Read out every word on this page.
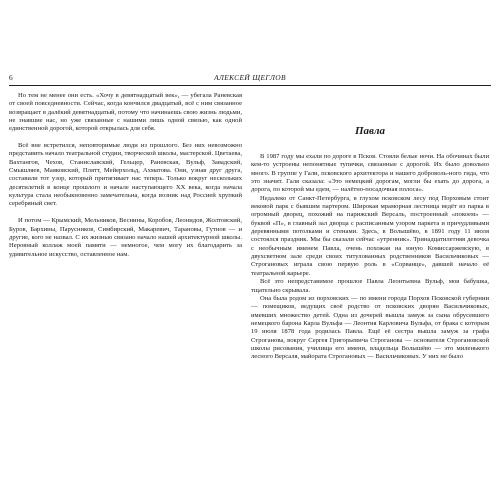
6	АЛЕКСЕЙ ЩЕГЛОВ

Но тем не менее они есть. «Хочу в девятнадцатый век», — убегала Раневская от своей повседневности. Сейчас, когда кончился двадцатый, всё с ним связанное возвращает в далёкий девятнадцатый, потому что начинаешь свою жизнь людьми, не знавшие нас, но уже связанные с нашими лишь одной связью, как одной единственной дорогой, которой открылась для себя.

Всё вне встретился, неповторимые люди из прошлого. Без них невозможно представить начало театральной студии, творческой школы, мастерской. Цветаева, Вахтангов, Чехов, Станиславский, Гельцер, Раневская, Вульф, Завадский, Смышляев, Маяковский, Плятт, Мейерхольд, Ахматова. Они, узнав друг друга, составили тот узор, который притягивает нас теперь. Только вокруг нескольких десятилетий в конце прошлого и начале наступающего XX века, когда начала культура стала необыкновенно замечательна, когда возник над Россией хрупкий серебряный свет.

И потом — Крымский, Мельников, Веснины, Коробов, Леонидов, Жолтовский, Буров, Бархины, Парусников, Симбирский, Макаревич, Тарановы, Гутнов — и другие, кого не назвал. С их жизнью связано начало нашей архитектурной школы. Неровный коллаж моей памяти — немногое, чем могу их благодарить за удивительное искусство, оставленное нам.

Павла

В 1987 году мы ехали по дороге в Псков. Стояли белые ночи. На обочинах были кем-то устроены непонятные тупички, связанные с дорогой. Их было довольно много. В группе у Гали, псковского архитектора и нашего доброволь-ного гида, что это значит. Галя сказала: «Это немецкий дорогам, могли бы ехать до дорога, а дорога, по которой мы едем, — налётно-посадочная полоса».

Недалеко от Санкт-Петербурга, в глухом псковском лесу под Порховым стоит вековой парк с бывшим партером. Широкая мраморная лестница ведёт из парка в огромный дворец, похожий на парижский Версаль, построенный «покоем» — буквой «П», в главный зал дворца с расписанным узором паркета и причудливыми деревянными потолками и стенами. Здесь, в Волышёво, в 1891 году 11 июля состоялся праздник. Мы бы сказали сейчас «утренник». Тринадцатилетняя девочка с необычным именем Павла, очень похожая на юную Комиссаржевскую, в двухсветном зале среди своих титулованных родственников Васильчиковых — Строгановых играла свою первую роль в «Сорванце», давшей начало её театральной карьере.

Всё это непредставимое прошлое Павла Леонтьевна Вульф, моя бабушка, тщательно скрывала.

Она была родом из порховских — по имени города Порхов Псковской губернии — помещиков, ведущих своё родство от псковских дворян Васильчиковых, имевших множество детей. Одна из дочерей вышла замуж за сына обрусевшего немецкого барона Карла Вульфа — Леонтия Карловича Вульфа, от брака с которым 19 июля 1878 года родилась Павла. Ещё её сестра вышла замуж за графа Строганова, вокруг Сергея Григорьевича Строганова — основателя Строгановской школы рисования, училища его имени, владельца Волышёво — это миленького лесного Версаля, майората Строгановых — Васильчиковых. У них не было
